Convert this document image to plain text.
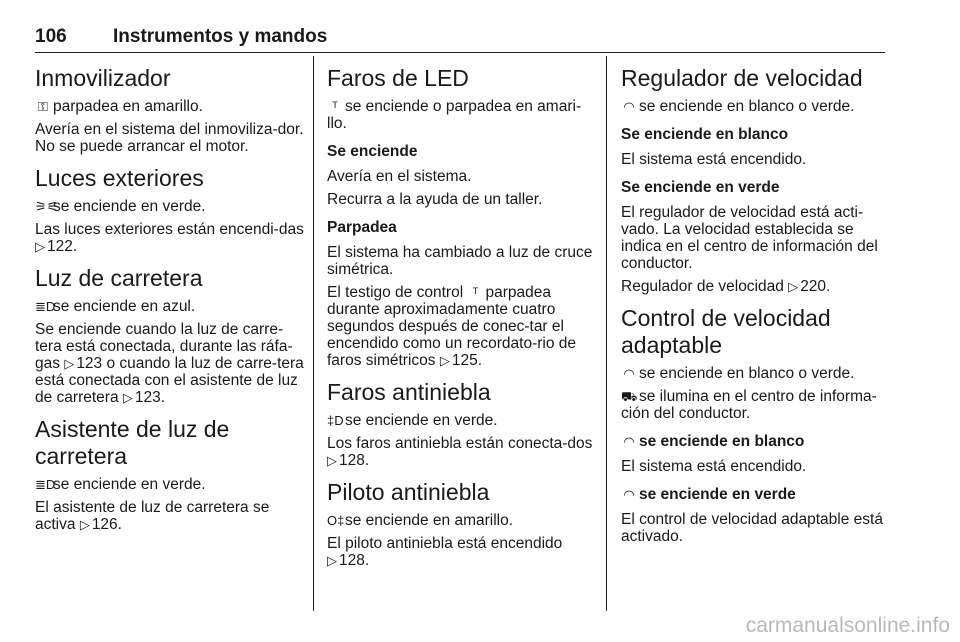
106 Instrumentos y mandos
Inmovilizador

⚿ parpadea en amarillo.

Avería en el sistema del inmoviliza-dor. No se puede arrancar el motor.

Luces exteriores

⚞⚟se enciende en verde.

Las luces exteriores están encendi-das ▷ 122.

Luz de carretera

≣Dse enciende en azul.

Se enciende cuando la luz de carre-tera está conectada, durante las ráfa-gas ▷ 123 o cuando la luz de carre-tera está conectada con el asistente de luz de carretera ▷ 123.

Asistente de luz de carretera

≣Dse enciende en verde.

El asistente de luz de carretera se activa ▷ 126.

Faros de LED

ᵀ se enciende o parpadea en amari-llo.

Se enciende

Avería en el sistema.

Recurra a la ayuda de un taller.

Parpadea

El sistema ha cambiado a luz de cruce simétrica.

El testigo de control ᵀ parpadea durante aproximadamente cuatro segundos después de conec-tar el encendido como un recordato-rio de faros simétricos ▷ 125.

Faros antiniebla

‡Dse enciende en verde.

Los faros antiniebla están conecta-dos ▷ 128.

Piloto antiniebla

O‡se enciende en amarillo.

El piloto antiniebla está encendido ▷ 128.

Regulador de velocidad

◠ se enciende en blanco o verde.

Se enciende en blanco

El sistema está encendido.

Se enciende en verde

El regulador de velocidad está acti-vado. La velocidad establecida se indica en el centro de información del conductor.

Regulador de velocidad ▷ 220.

Control de velocidad adaptable

◠ se enciende en blanco o verde.

⛟ se ilumina en el centro de informa-ción del conductor.

◠ se enciende en blanco

El sistema está encendido.

◠ se enciende en verde

El control de velocidad adaptable está activado.

carmanualsonline.info
